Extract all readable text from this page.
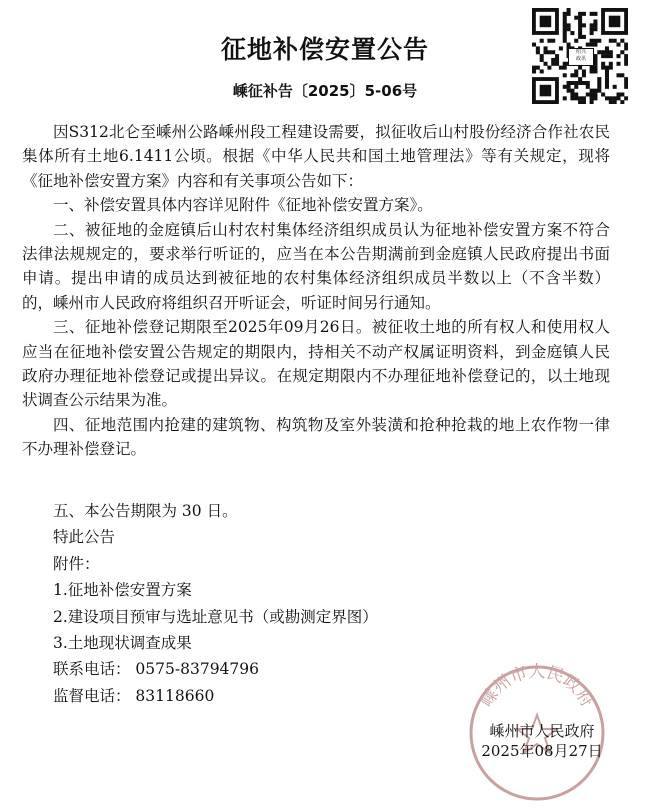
征地补偿安置公告
嵊征补告〔2025〕5-06号
绍兴
政讯

因S312北仑至嵊州公路嵊州段工程建设需要，拟征收后山村股份经济合作社农民集体所有土地6.1411公顷。根据《中华人民共和国土地管理法》等有关规定，现将《征地补偿安置方案》内容和有关事项公告如下：

一、补偿安置具体内容详见附件《征地补偿安置方案》。

二、被征地的金庭镇后山村农村集体经济组织成员认为征地补偿安置方案不符合法律法规规定的，要求举行听证的，应当在本公告期满前到金庭镇人民政府提出书面申请。提出申请的成员达到被征地的农村集体经济组织成员半数以上（不含半数）的，嵊州市人民政府将组织召开听证会，听证时间另行通知。

三、征地补偿登记期限至2025年09月26日。被征收土地的所有权人和使用权人应当在征地补偿安置公告规定的期限内，持相关不动产权属证明资料，到金庭镇人民政府办理征地补偿登记或提出异议。在规定期限内不办理征地补偿登记的，以土地现状调查公示结果为准。

四、征地范围内抢建的建筑物、构筑物及室外装潢和抢种抢栽的地上农作物一律不办理补偿登记。

五、本公告期限为 30 日。
特此公告
附件：
1.征地补偿安置方案
2.建设项目预审与选址意见书（或勘测定界图）
3.土地现状调查成果
联系电话： 0575-83794796
监督电话： 83118660	嵊州市人民政府
嵊州市人民政府
2025年08月27日
